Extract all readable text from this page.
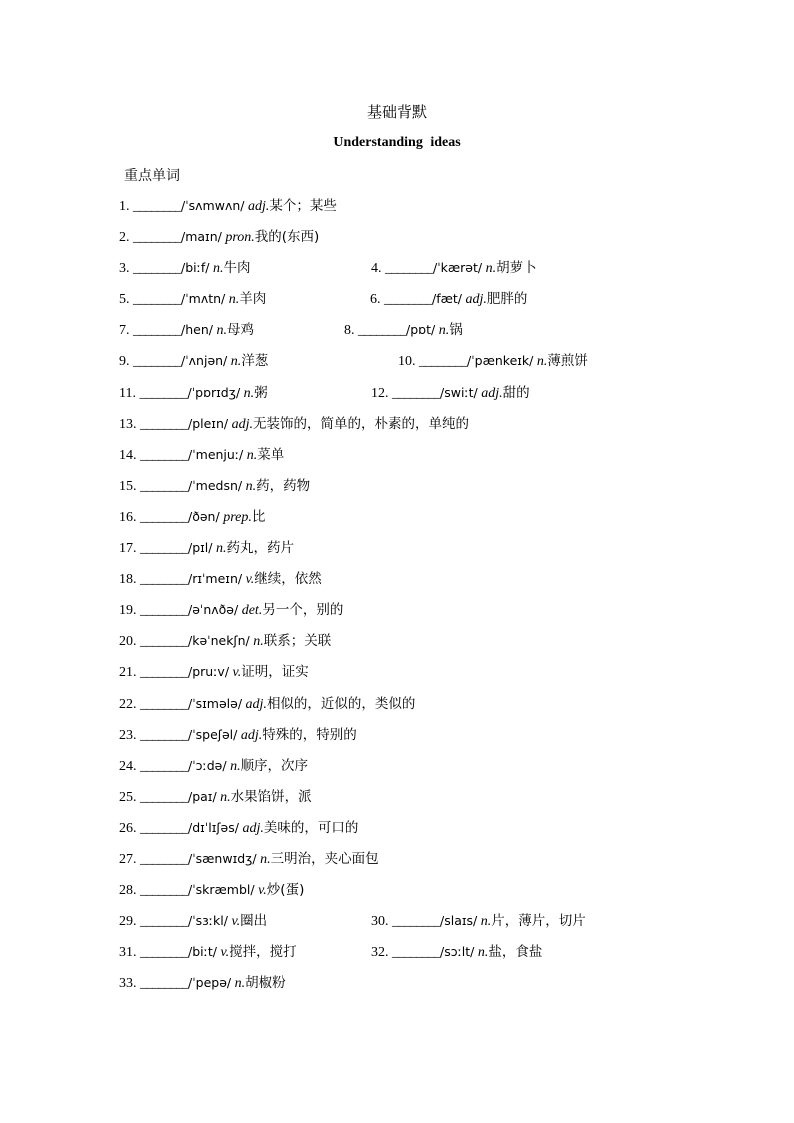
基础背默
Understanding ideas
重点单词
1. ________/ˈsʌmwʌn/ adj.某个；某些
2. ________/maɪn/ pron.我的(东西)
3. ________/biːf/ n.牛肉	4. ________/ˈkærət/ n.胡萝卜
5. ________/ˈmʌtn/ n.羊肉	6. ________/fæt/ adj.肥胖的
7. ________/hen/ n.母鸡	8. ________/pɒt/ n.锅
9. ________/ˈʌnjən/ n.洋葱	10. ________/ˈpænkeɪk/ n.薄煎饼
11. ________/ˈpɒrɪdʒ/ n.粥	12. ________/swiːt/ adj.甜的
13. ________/pleɪn/ adj.无装饰的，简单的，朴素的，单纯的
14. ________/ˈmenjuː/ n.菜单
15. ________/ˈmedsn/ n.药，药物
16. ________/ðən/ prep.比
17. ________/pɪl/ n.药丸，药片
18. ________/rɪˈmeɪn/ v.继续，依然
19. ________/əˈnʌðə/ det.另一个，别的
20. ________/kəˈnekʃn/ n.联系；关联
21. ________/pruːv/ v.证明，证实
22. ________/ˈsɪmələ/ adj.相似的，近似的，类似的
23. ________/ˈspeʃəl/ adj.特殊的，特别的
24. ________/ˈɔːdə/ n.顺序，次序
25. ________/paɪ/ n.水果馅饼，派
26. ________/dɪˈlɪʃəs/ adj.美味的，可口的
27. ________/ˈsænwɪdʒ/ n.三明治，夹心面包
28. ________/ˈskræmbl/ v.炒(蛋)
29. ________/ˈsɜːkl/ v.圈出	30. ________/slaɪs/ n.片，薄片，切片
31. ________/biːt/ v.搅拌，搅打	32. ________/sɔːlt/ n.盐，食盐
33. ________/ˈpepə/ n.胡椒粉
